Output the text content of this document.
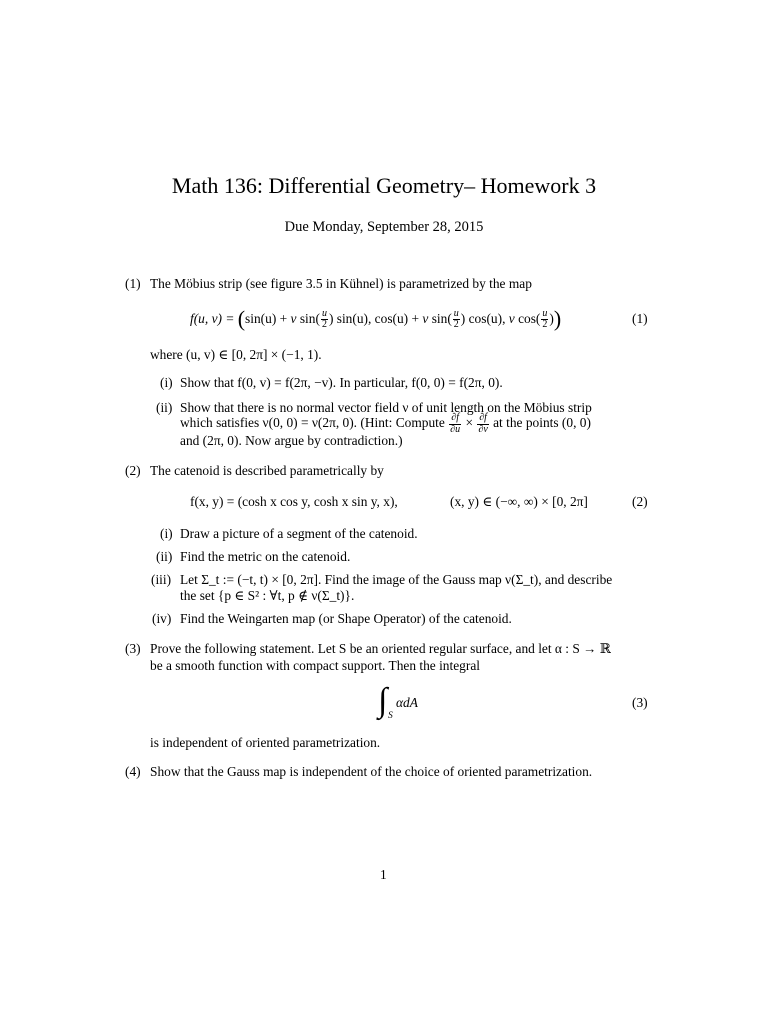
Math 136: Differential Geometry– Homework 3
Due Monday, September 28, 2015
(1) The Möbius strip (see figure 3.5 in Kühnel) is parametrized by the map
f(u, v) = (sin(u) + v $\sin( \frac{u}{2}$ ) sin(u), cos(u) + v $\sin( \frac{u}{2}$ ) cos(u), v $\cos( \frac{u}{2}$ ))	(1)
where (u, v) ∈ [0, 2π] × (−1, 1).
(i) Show that f(0, v) = f(2π, −v). In particular, f(0, 0) = f(2π, 0).
(ii) Show that there is no normal vector field ν of unit length on the Möbius strip
which satisfies ν(0, 0) = ν(2π, 0). (Hint: Compute $\frac{\partial f}{\partial u} \times \frac{\partial f}{\partial v}$ at the points (0, 0)
and (2π, 0). Now argue by contradiction.)
(2) The catenoid is described parametrically by
f(x, y) = (cosh x cos y, cosh x sin y, x),	(x, y) ∈ (−∞, ∞) × [0, 2π]	(2)
(i) Draw a picture of a segment of the catenoid.
(ii) Find the metric on the catenoid.
(iii) Let Σ_t := (−t, t) × [0, 2π]. Find the image of the Gauss map ν(Σ_t), and describe
the set {p ∈ S² : ∀t, p ∉ ν(Σ_t)}.
(iv) Find the Weingarten map (or Shape Operator) of the catenoid.
(3) Prove the following statement. Let S be an oriented regular surface, and let α : S → ℝ
be a smooth function with compact support. Then the integral
∫ S
αdA	(3)
is independent of oriented parametrization.
(4) Show that the Gauss map is independent of the choice of oriented parametrization.
1
